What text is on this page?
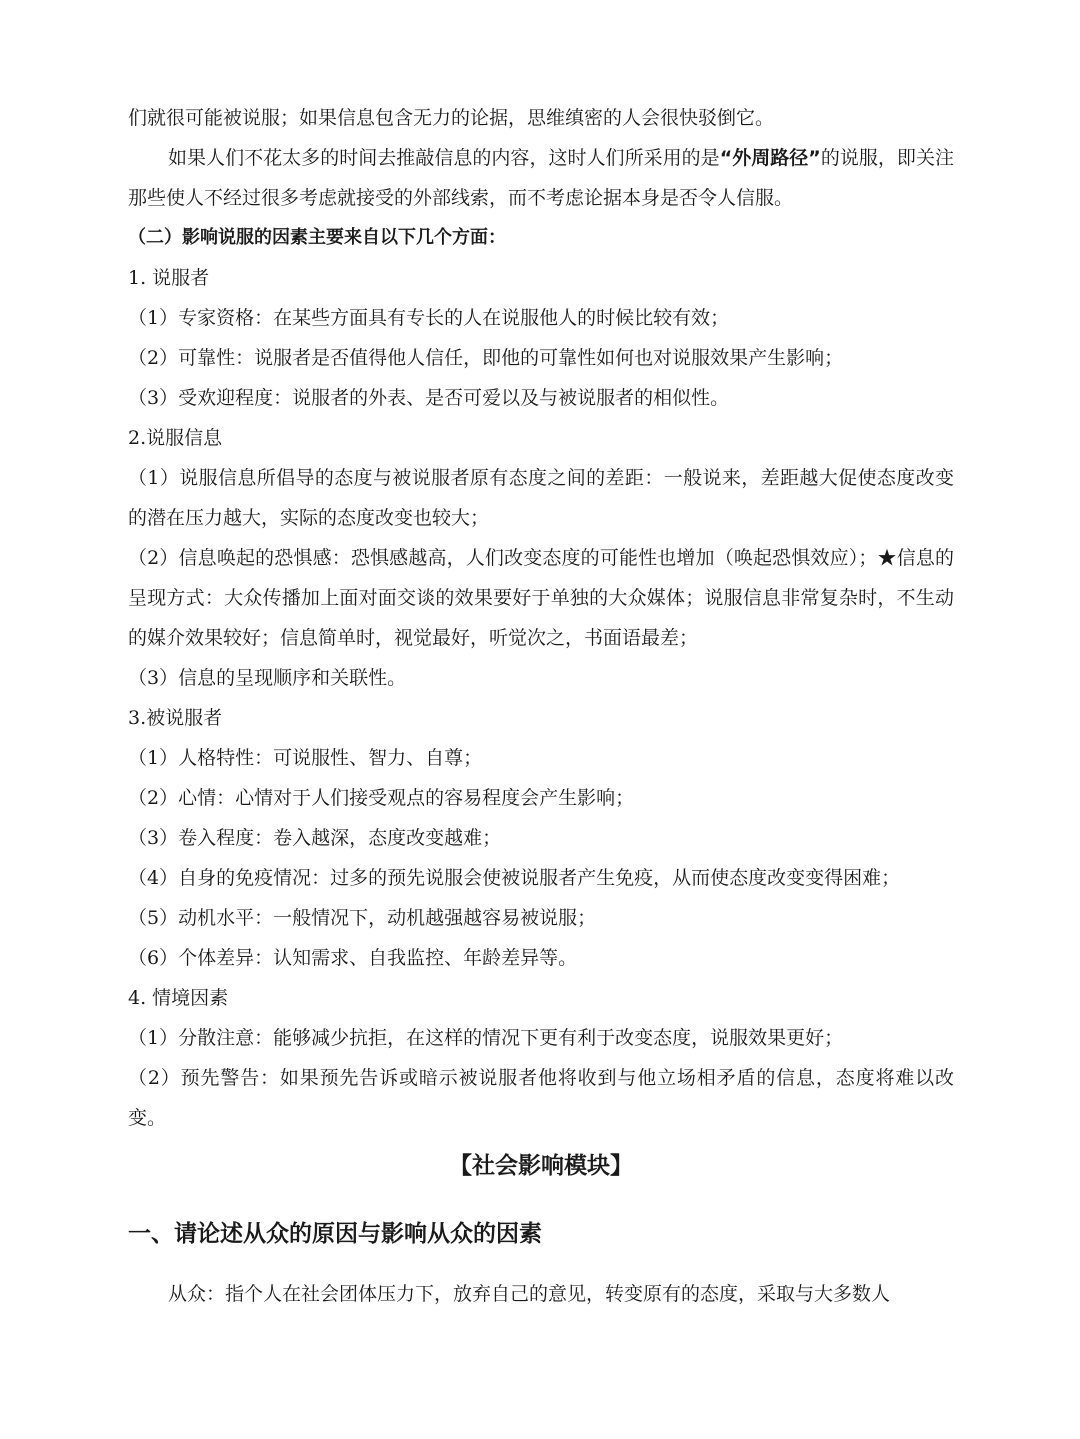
们就很可能被说服；如果信息包含无力的论据，思维缜密的人会很快驳倒它。
如果人们不花太多的时间去推敲信息的内容，这时人们所采用的是“外周路径”的说服，即关注那些使人不经过很多考虑就接受的外部线索，而不考虑论据本身是否令人信服。
（二）影响说服的因素主要来自以下几个方面：
1. 说服者
（1）专家资格：在某些方面具有专长的人在说服他人的时候比较有效；
（2）可靠性：说服者是否值得他人信任，即他的可靠性如何也对说服效果产生影响；
（3）受欢迎程度：说服者的外表、是否可爱以及与被说服者的相似性。
2.说服信息
（1）说服信息所倡导的态度与被说服者原有态度之间的差距：一般说来，差距越大促使态度改变的潜在压力越大，实际的态度改变也较大；
（2）信息唤起的恐惧感：恐惧感越高，人们改变态度的可能性也增加（唤起恐惧效应）；★信息的呈现方式：大众传播加上面对面交谈的效果要好于单独的大众媒体；说服信息非常复杂时，不生动的媒介效果较好；信息简单时，视觉最好，听觉次之，书面语最差；
（3）信息的呈现顺序和关联性。
3.被说服者
（1）人格特性：可说服性、智力、自尊；
（2）心情：心情对于人们接受观点的容易程度会产生影响；
（3）卷入程度：卷入越深，态度改变越难；
（4）自身的免疫情况：过多的预先说服会使被说服者产生免疫，从而使态度改变变得困难；
（5）动机水平：一般情况下，动机越强越容易被说服；
（6）个体差异：认知需求、自我监控、年龄差异等。
4. 情境因素
（1）分散注意：能够减少抗拒，在这样的情况下更有利于改变态度，说服效果更好；
（2）预先警告：如果预先告诉或暗示被说服者他将收到与他立场相矛盾的信息，态度将难以改变。
【社会影响模块】
一、请论述从众的原因与影响从众的因素
从众：指个人在社会团体压力下，放弃自己的意见，转变原有的态度，采取与大多数人
